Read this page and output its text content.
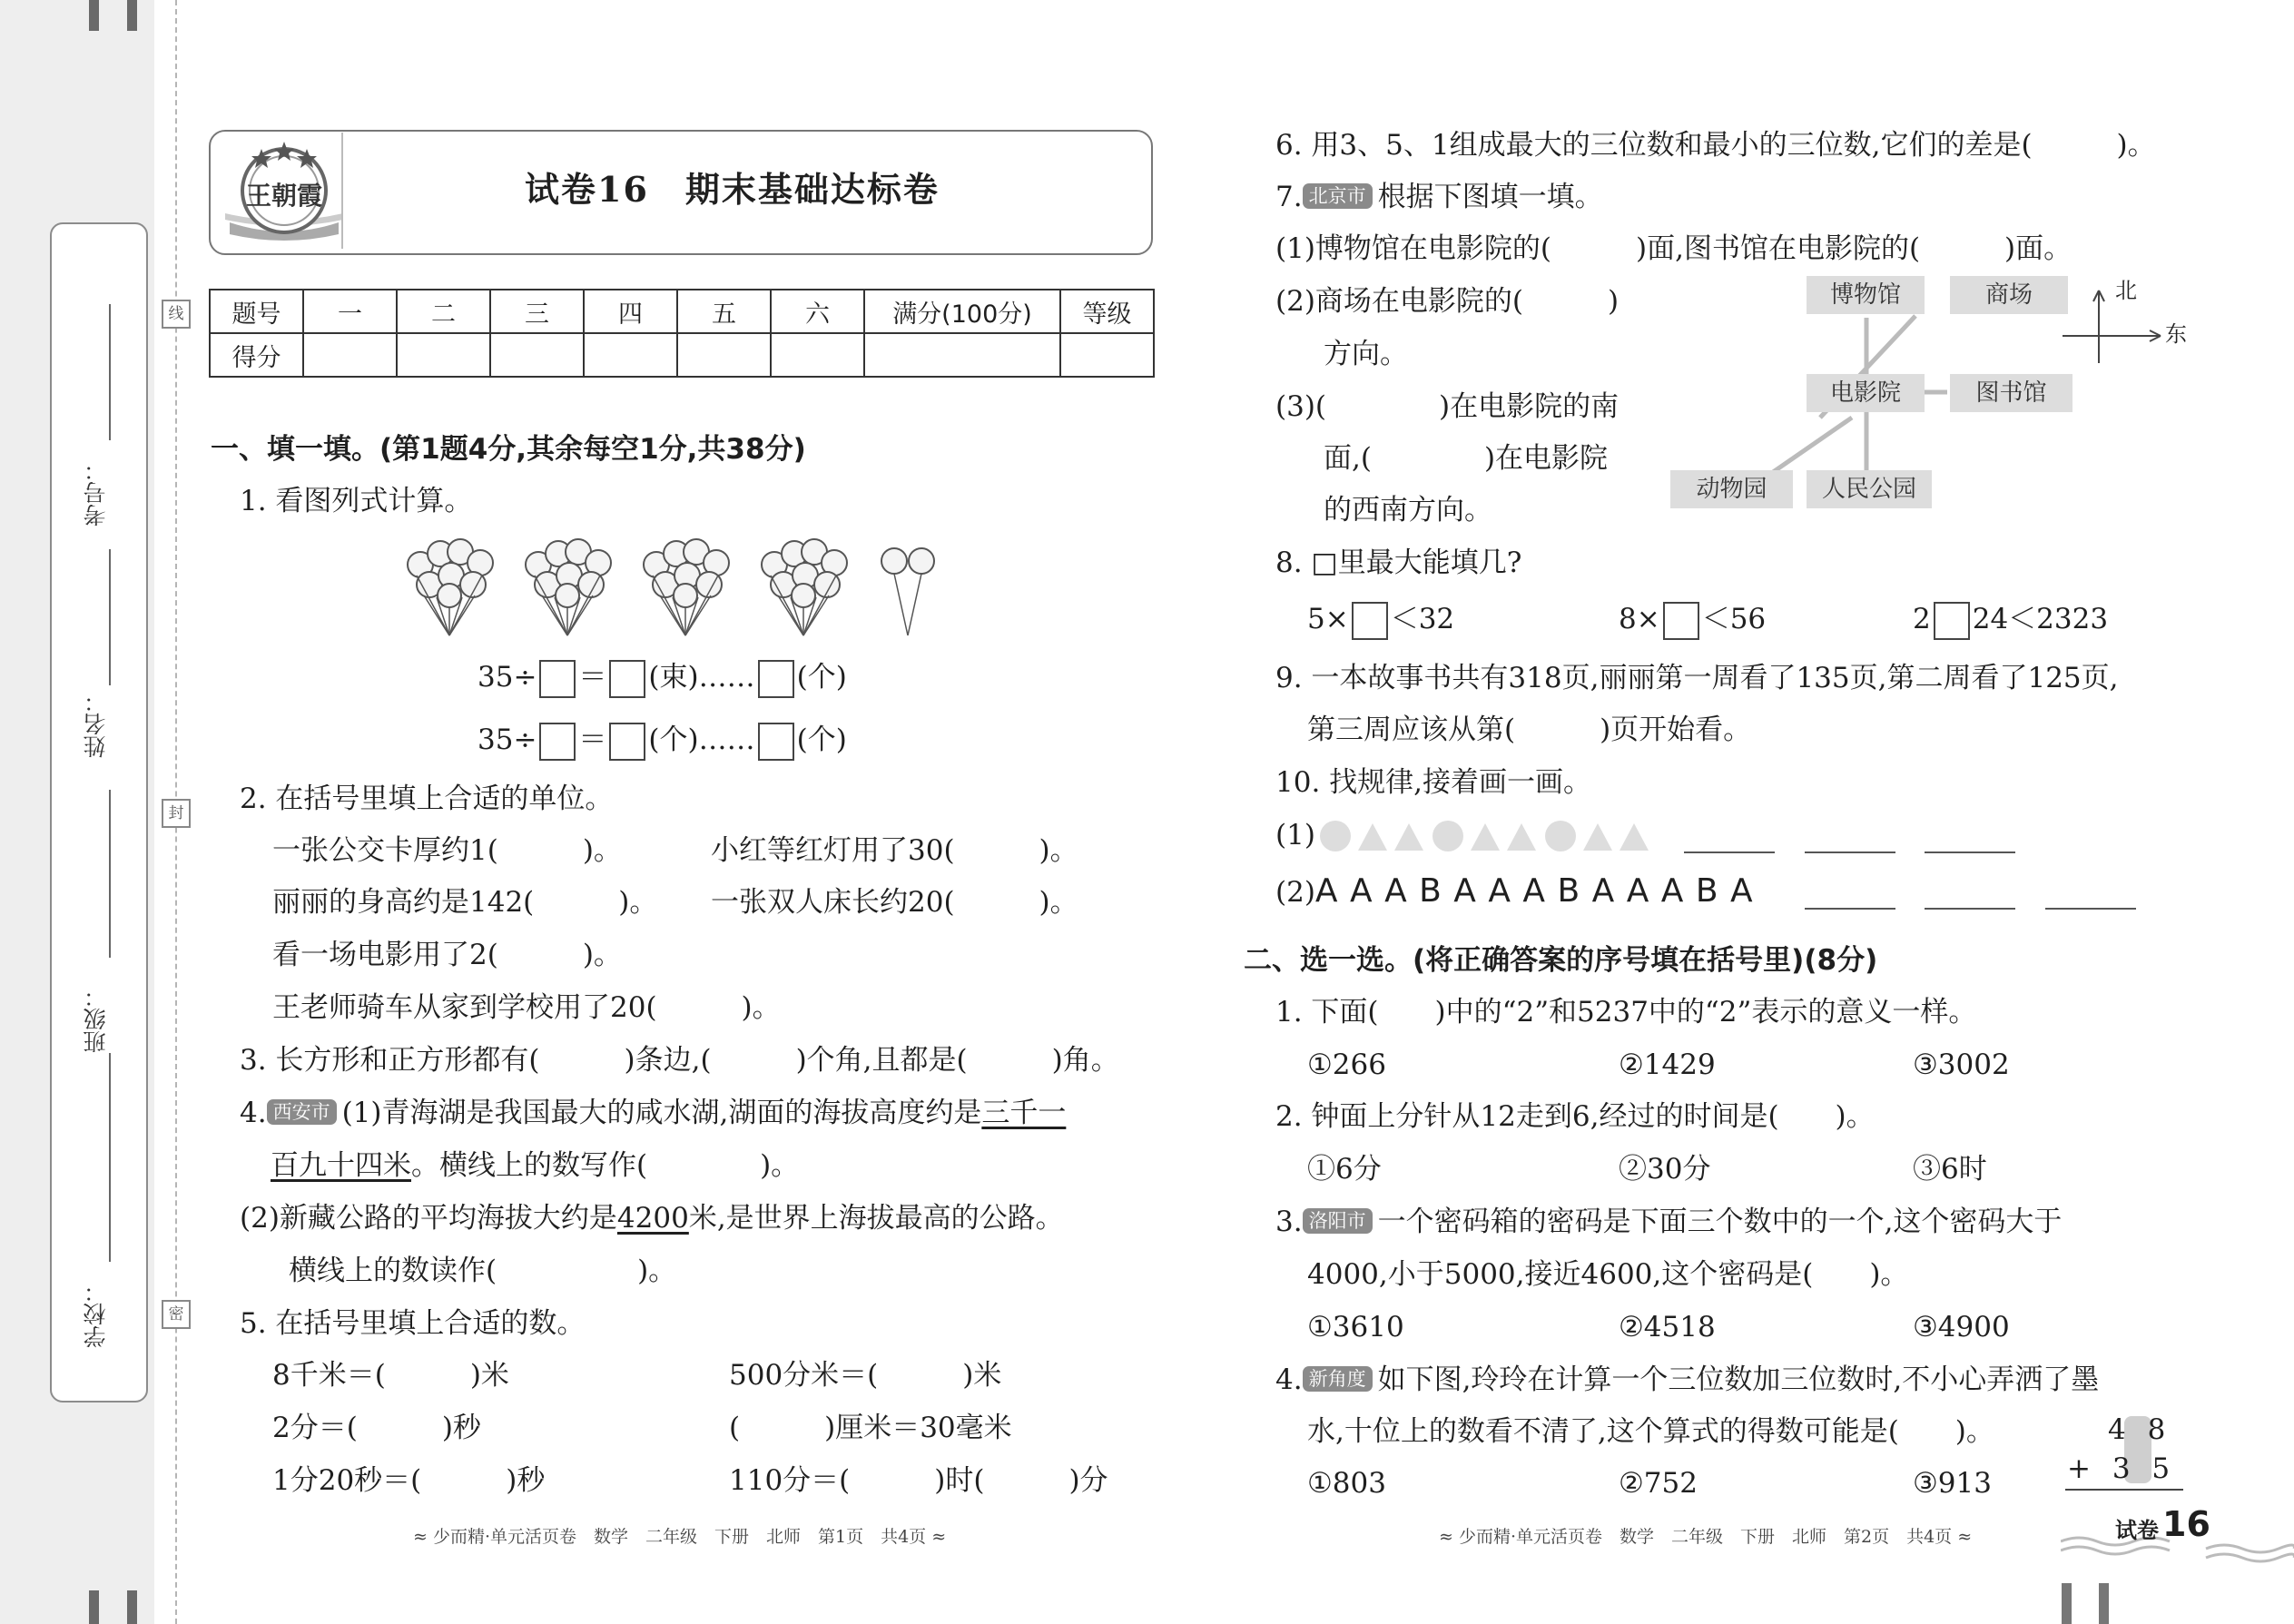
考号：
姓名：
班级：
学校：
线
封
密
王朝霞	试卷16　期末基础达标卷
题号	一	二	三	四	五	六	满分(100分)	等级
得分								
一、填一填。(第1题4分,其余每空1分,共38分)
1. 看图列式计算。
35÷ ＝ (束)…… (个)
35÷ ＝ (个)…… (个)
2. 在括号里填上合适的单位。
一张公交卡厚约1(　　　)。	小红等红灯用了30(　　　)。
丽丽的身高约是142(　　　)。 一张双人床长约20(　　　)。
看一场电影用了2(　　　)。
王老师骑车从家到学校用了20(　　　)。
3. 长方形和正方形都有(　　　)条边,(　　　)个角,且都是(　　　)角。
4. 西安市 (1)青海湖是我国最大的咸水湖,湖面的海拔高度约是三千一
百九十四米。横线上的数写作(　　　　)。
(2)新藏公路的平均海拔大约是4200米,是世界上海拔最高的公路。
横线上的数读作(　　　　　)。
5. 在括号里填上合适的数。
8千米＝(　　　)米	500分米＝(　　　)米
2分＝(　　　)秒	(　　　)厘米＝30毫米
1分20秒＝(　　　)秒	110分＝(　　　)时(　　　)分
≈ 少而精·单元活页卷　数学　二年级　下册　北师　第1页　共4页 ≈
6. 用3、5、1组成最大的三位数和最小的三位数,它们的差是(　　　)。
7. 北京市 根据下图填一填。
(1)博物馆在电影院的(　　　)面,图书馆在电影院的(　　　)面。
(2)商场在电影院的(　　　)
方向。
(3)(　　　　)在电影院的南
面,(　　　　)在电影院
的西南方向。
博物馆	商场
电影院	图书馆
动物园	人民公园
北
东
8. □里最大能填几?
5× ＜32	8× ＜56	2 24＜2323
9. 一本故事书共有318页,丽丽第一周看了135页,第二周看了125页,
第三周应该从第(　　　)页开始看。
10. 找规律,接着画一画。
(1)
(2)A A A B A A A B A A A B A
二、选一选。(将正确答案的序号填在括号里)(8分)
1. 下面(　　)中的“2”和5237中的“2”表示的意义一样。
①266	②1429	③3002
2. 钟面上分针从12走到6,经过的时间是(　　)。
①6分	②30分	③6时
3. 洛阳市 一个密码箱的密码是下面三个数中的一个,这个密码大于
4000,小于5000,接近4600,这个密码是(　　)。
①3610	②4518	③4900
4. 新角度 如下图,玲玲在计算一个三位数加三位数时,不小心弄洒了墨
水,十位上的数看不清了,这个算式的得数可能是(　　)。
①803	②752	③913
4 8
+ 3 5
≈ 少而精·单元活页卷　数学　二年级　下册　北师　第2页　共4页 ≈	试卷 16
